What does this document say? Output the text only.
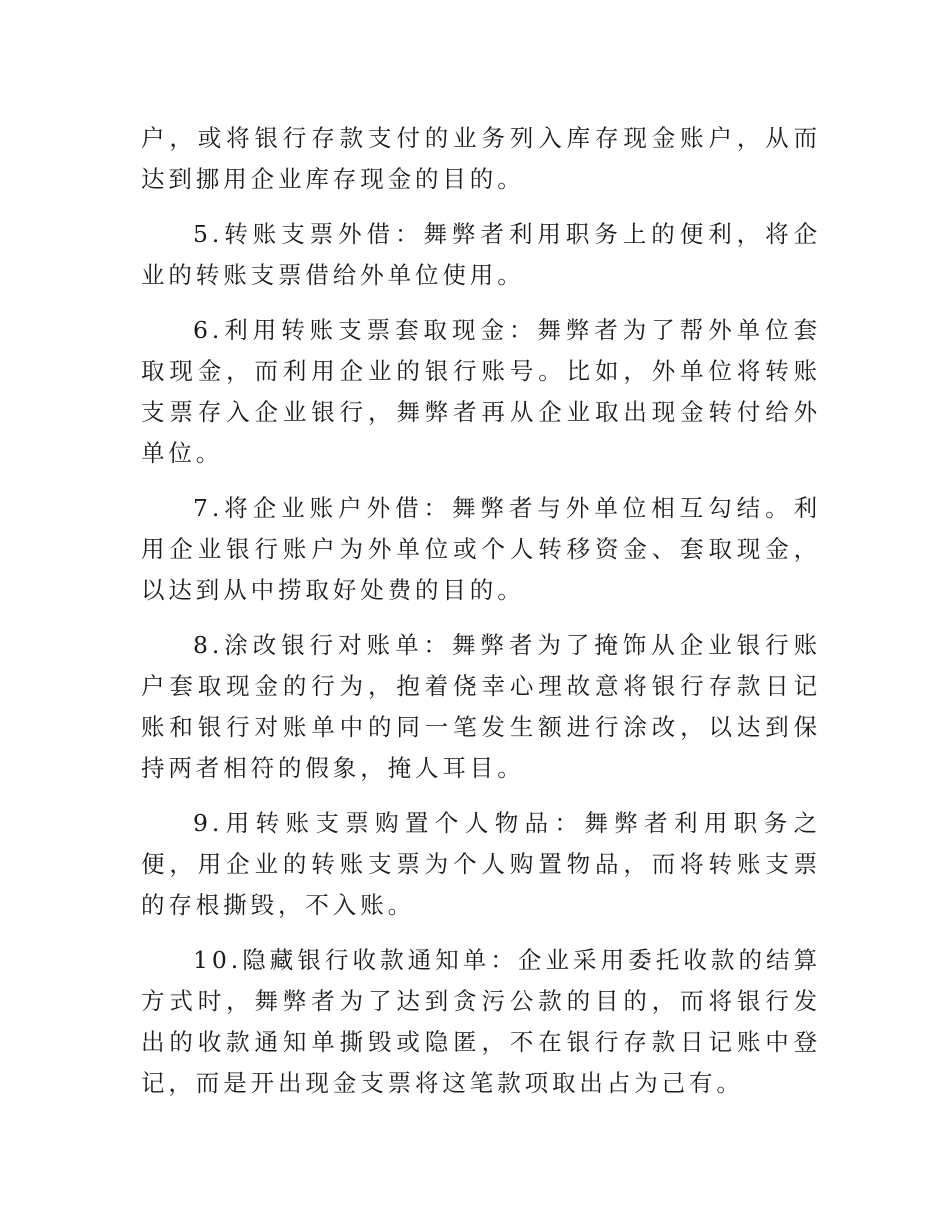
户，或将银行存款支付的业务列入库存现金账户，从而达到挪用企业库存现金的目的。

5.转账支票外借：舞弊者利用职务上的便利，将企业的转账支票借给外单位使用。

6.利用转账支票套取现金：舞弊者为了帮外单位套取现金，而利用企业的银行账号。比如，外单位将转账支票存入企业银行，舞弊者再从企业取出现金转付给外单位。

7.将企业账户外借：舞弊者与外单位相互勾结。利用企业银行账户为外单位或个人转移资金、套取现金，以达到从中捞取好处费的目的。

8.涂改银行对账单：舞弊者为了掩饰从企业银行账户套取现金的行为，抱着侥幸心理故意将银行存款日记账和银行对账单中的同一笔发生额进行涂改，以达到保持两者相符的假象，掩人耳目。

9.用转账支票购置个人物品：舞弊者利用职务之便，用企业的转账支票为个人购置物品，而将转账支票的存根撕毁，不入账。

10.隐藏银行收款通知单：企业采用委托收款的结算方式时，舞弊者为了达到贪污公款的目的，而将银行发出的收款通知单撕毁或隐匿，不在银行存款日记账中登记，而是开出现金支票将这笔款项取出占为己有。
